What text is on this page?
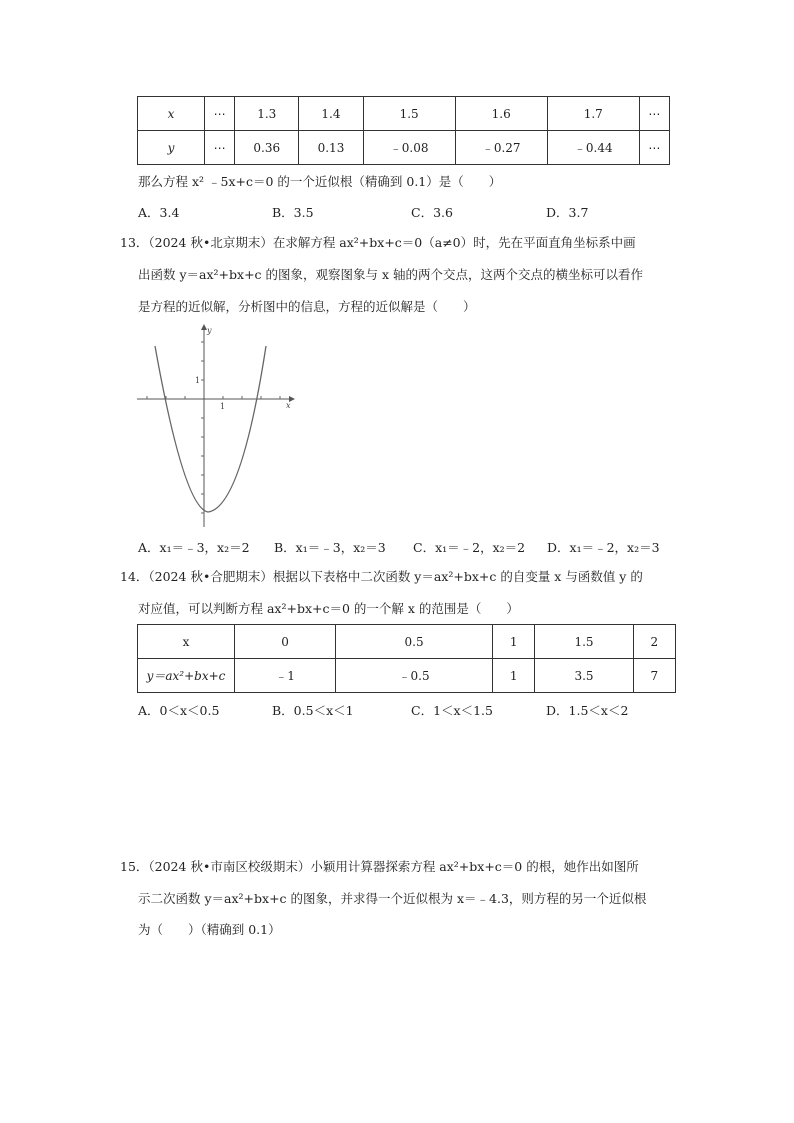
x	⋯	1.3	1.4	1.5	1.6	1.7	⋯
y	⋯	0.36	0.13	﹣0.08	﹣0.27	﹣0.44	⋯
那么方程 x² ﹣5x+c＝0 的一个近似根（精确到 0.1）是（　　）
A．3.4	B．3.5	C．3.6	D．3.7
13．（2024 秋•北京期末）在求解方程 ax²+bx+c＝0（a≠0）时，先在平面直角坐标系中画
出函数 y＝ax²+bx+c 的图象，观察图象与 x 轴的两个交点，这两个交点的横坐标可以看作
是方程的近似解，分析图中的信息，方程的近似解是（　　）
y
x
1
1
A．x₁＝﹣3，x₂＝2 B．x₁＝﹣3，x₂＝3 C．x₁＝﹣2，x₂＝2 D．x₁＝﹣2，x₂＝3
14．（2024 秋•合肥期末）根据以下表格中二次函数 y＝ax²+bx+c 的自变量 x 与函数值 y 的
对应值，可以判断方程 ax²+bx+c＝0 的一个解 x 的范围是（　　）
x	0	0.5	1	1.5	2
y＝ax²+bx+c	﹣1	﹣0.5	1	3.5	7
A．0＜x＜0.5	B．0.5＜x＜1	C．1＜x＜1.5	D．1.5＜x＜2
15．（2024 秋•市南区校级期末）小颖用计算器探索方程 ax²+bx+c＝0 的根，她作出如图所
示二次函数 y＝ax²+bx+c 的图象，并求得一个近似根为 x＝﹣4.3，则方程的另一个近似根
为（　　）（精确到 0.1）
